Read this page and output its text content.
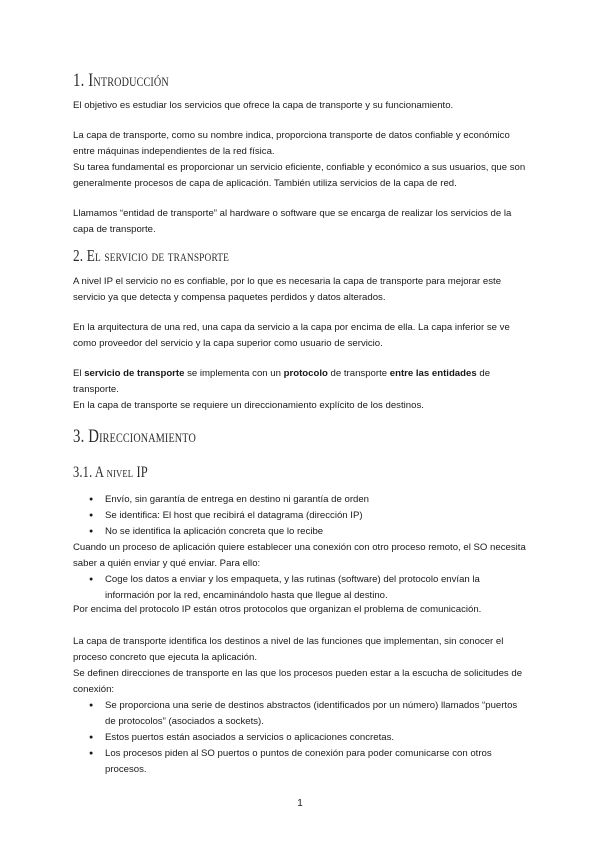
1. Introducción

El objetivo es estudiar los servicios que ofrece la capa de transporte y su funcionamiento.

La capa de transporte, como su nombre indica, proporciona transporte de datos confiable y económico entre máquinas independientes de la red física.

Su tarea fundamental es proporcionar un servicio eficiente, confiable y económico a sus usuarios, que son generalmente procesos de capa de aplicación. También utiliza servicios de la capa de red.

Llamamos “entidad de transporte” al hardware o software que se encarga de realizar los servicios de la capa de transporte.

2. El servicio de transporte

A nivel IP el servicio no es confiable, por lo que es necesaria la capa de transporte para mejorar este servicio ya que detecta y compensa paquetes perdidos y datos alterados.

En la arquitectura de una red, una capa da servicio a la capa por encima de ella. La capa inferior se ve como proveedor del servicio y la capa superior como usuario de servicio.

El servicio de transporte se implementa con un protocolo de transporte entre las entidades de transporte.

En la capa de transporte se requiere un direccionamiento explícito de los destinos.

3. Direccionamiento
3.1. A nivel IP
● Envío, sin garantía de entrega en destino ni garantía de orden
● Se identifica: El host que recibirá el datagrama (dirección IP)
● No se identifica la aplicación concreta que lo recibe

Cuando un proceso de aplicación quiere establecer una conexión con otro proceso remoto, el SO necesita saber a quién enviar y qué enviar. Para ello:

● Coge los datos a enviar y los empaqueta, y las rutinas (software) del protocolo envían la información por la red, encaminándolo hasta que llegue al destino.

Por encima del protocolo IP están otros protocolos que organizan el problema de comunicación.

La capa de transporte identifica los destinos a nivel de las funciones que implementan, sin conocer el proceso concreto que ejecuta la aplicación.

Se definen direcciones de transporte en las que los procesos pueden estar a la escucha de solicitudes de conexión:

● Se proporciona una serie de destinos abstractos (identificados por un número) llamados “puertos de protocolos” (asociados a sockets).
● Estos puertos están asociados a servicios o aplicaciones concretas.
● Los procesos piden al SO puertos o puntos de conexión para poder comunicarse con otros procesos.
1
